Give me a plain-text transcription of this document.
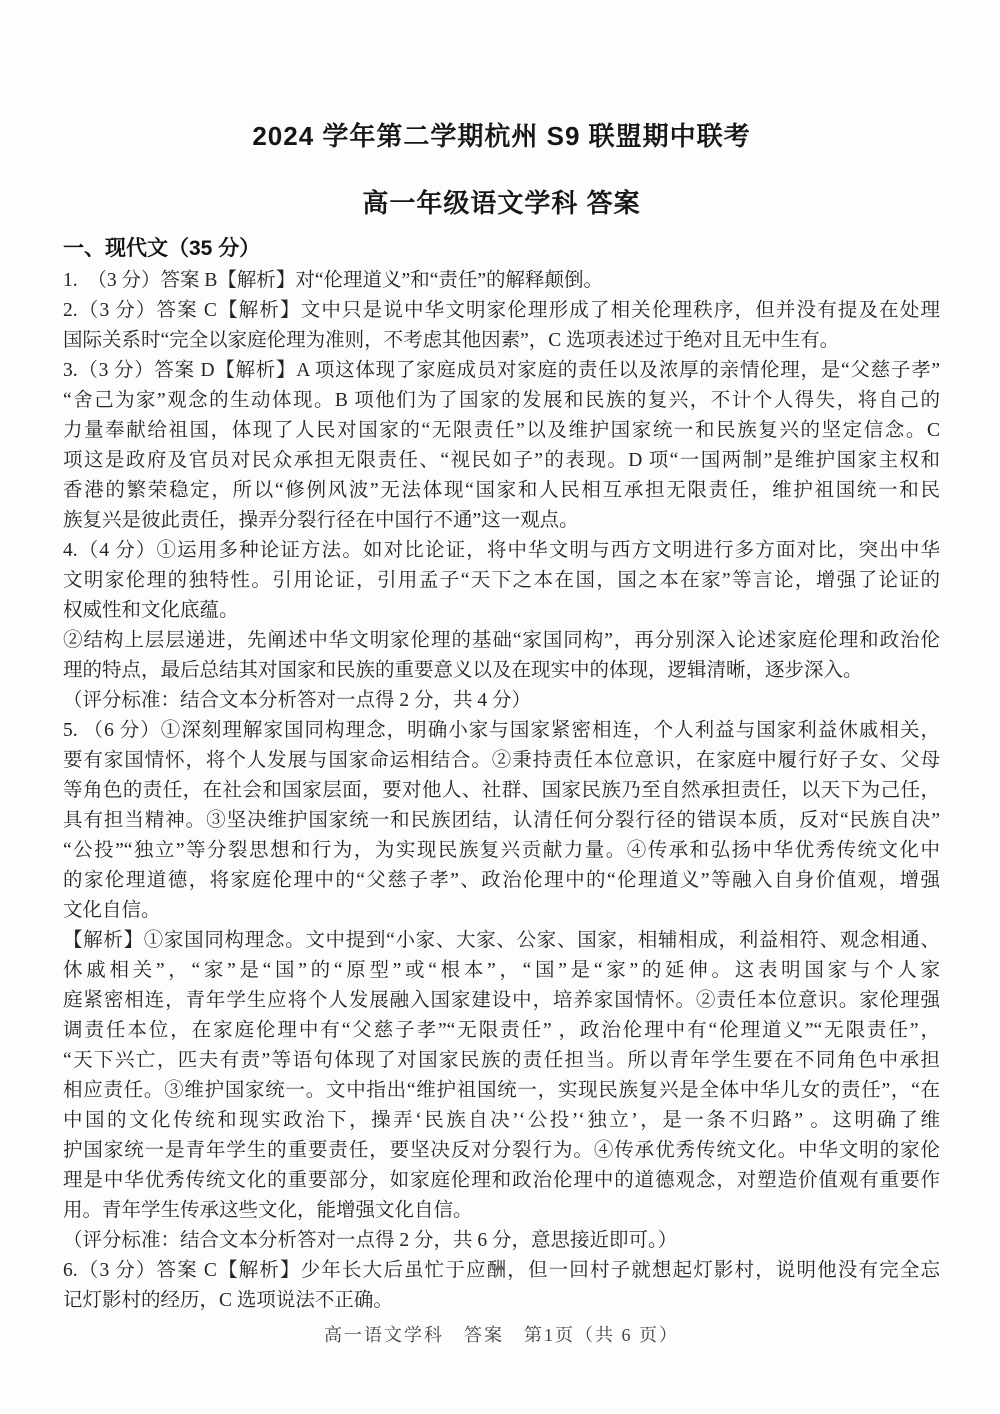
2024 学年第二学期杭州 S9 联盟期中联考
高一年级语文学科 答案
一、现代文（35 分）
1.　（3 分）答案 B【解析】对“伦理道义”和“责任”的解释颠倒。
2.（3 分）答案 C【解析】文中只是说中华文明家伦理形成了相关伦理秩序，但并没有提及在处理
国际关系时“完全以家庭伦理为准则，不考虑其他因素”，C 选项表述过于绝对且无中生有。
3.（3 分）答案 D【解析】A 项这体现了家庭成员对家庭的责任以及浓厚的亲情伦理，是“父慈子孝”
“舍己为家”观念的生动体现。B 项他们为了国家的发展和民族的复兴，不计个人得失，将自己的
力量奉献给祖国，体现了人民对国家的“无限责任”以及维护国家统一和民族复兴的坚定信念。C
项这是政府及官员对民众承担无限责任、“视民如子”的表现。D 项“一国两制”是维护国家主权和
香港的繁荣稳定，所以“修例风波”无法体现“国家和人民相互承担无限责任，维护祖国统一和民
族复兴是彼此责任，操弄分裂行径在中国行不通”这一观点。
4.（4 分）①运用多种论证方法。如对比论证，将中华文明与西方文明进行多方面对比，突出中华
文明家伦理的独特性。引用论证，引用孟子“天下之本在国，国之本在家”等言论，增强了论证的
权威性和文化底蕴。
②结构上层层递进，先阐述中华文明家伦理的基础“家国同构”，再分别深入论述家庭伦理和政治伦
理的特点，最后总结其对国家和民族的重要意义以及在现实中的体现，逻辑清晰，逐步深入。
（评分标准：结合文本分析答对一点得 2 分，共 4 分）
5. （6 分）①深刻理解家国同构理念，明确小家与国家紧密相连，个人利益与国家利益休戚相关，
要有家国情怀，将个人发展与国家命运相结合。②秉持责任本位意识，在家庭中履行好子女、父母
等角色的责任，在社会和国家层面，要对他人、社群、国家民族乃至自然承担责任，以天下为己任，
具有担当精神。③坚决维护国家统一和民族团结，认清任何分裂行径的错误本质，反对“民族自决”
“公投”“独立”等分裂思想和行为，为实现民族复兴贡献力量。④传承和弘扬中华优秀传统文化中
的家伦理道德，将家庭伦理中的“父慈子孝”、政治伦理中的“伦理道义”等融入自身价值观，增强
文化自信。
【解析】①家国同构理念。文中提到“小家、大家、公家、国家，相辅相成，利益相符、观念相通、
休戚相关”，“家”是“国”的“原型”或“根本”，“国”是“家”的延伸。这表明国家与个人家
庭紧密相连，青年学生应将个人发展融入国家建设中，培养家国情怀。②责任本位意识。家伦理强
调责任本位，在家庭伦理中有“父慈子孝”“无限责任” ，政治伦理中有“伦理道义”“无限责任”，
“天下兴亡，匹夫有责”等语句体现了对国家民族的责任担当。所以青年学生要在不同角色中承担
相应责任。③维护国家统一。文中指出“维护祖国统一，实现民族复兴是全体中华儿女的责任”，“在
中国的文化传统和现实政治下，操弄‘民族自决’‘公投’‘独立’，是一条不归路” 。这明确了维
护国家统一是青年学生的重要责任，要坚决反对分裂行为。④传承优秀传统文化。中华文明的家伦
理是中华优秀传统文化的重要部分，如家庭伦理和政治伦理中的道德观念，对塑造价值观有重要作
用。青年学生传承这些文化，能增强文化自信。
（评分标准：结合文本分析答对一点得 2 分，共 6 分，意思接近即可。）
6.（3 分）答案 C【解析】少年长大后虽忙于应酬，但一回村子就想起灯影村，说明他没有完全忘
记灯影村的经历，C 选项说法不正确。
高一语文学科　答案　第1页（共 6 页）
